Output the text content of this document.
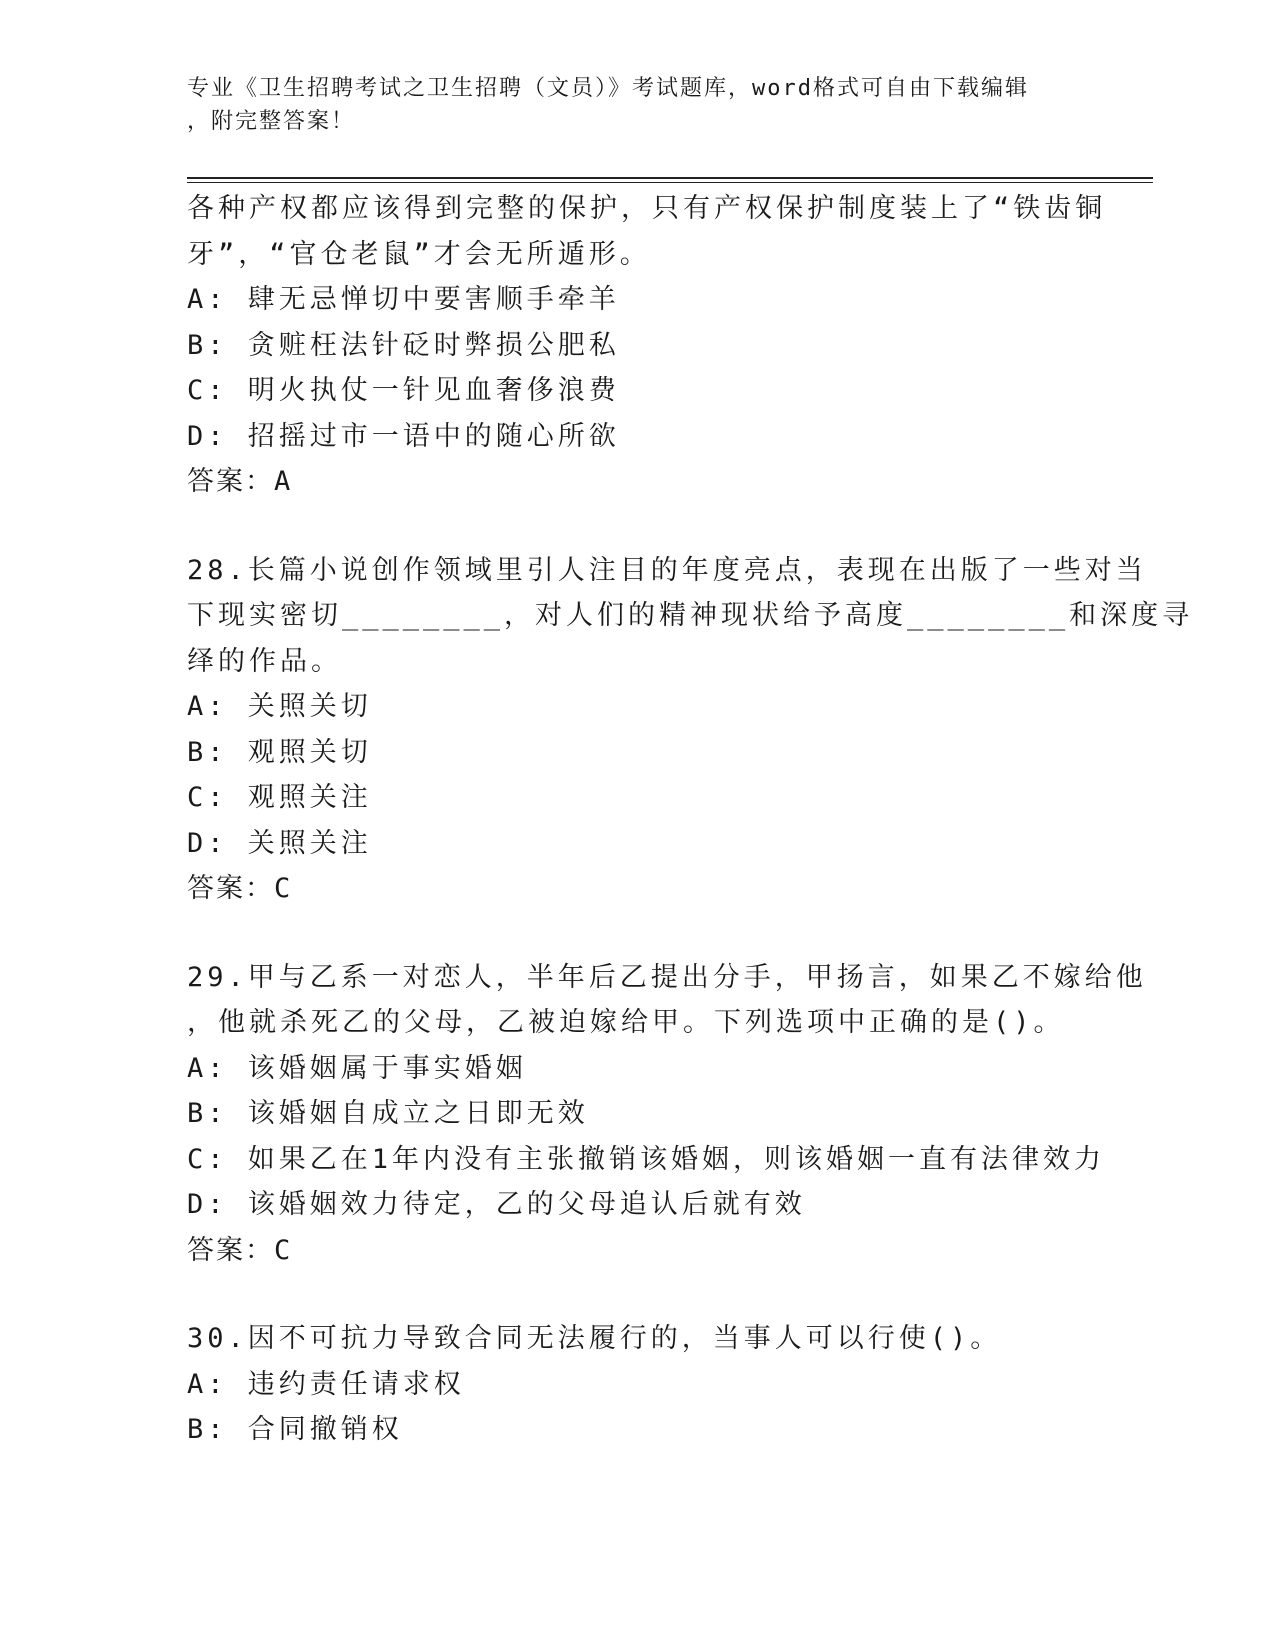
专业《卫生招聘考试之卫生招聘（文员）》考试题库，word格式可自由下载编辑
，附完整答案！
各种产权都应该得到完整的保护，只有产权保护制度装上了“铁齿铜
牙”，“官仓老鼠”才会无所遁形。
A: 肆无忌惮切中要害顺手牵羊
B: 贪赃枉法针砭时弊损公肥私
C: 明火执仗一针见血奢侈浪费
D: 招摇过市一语中的随心所欲
答案：A
28.长篇小说创作领域里引人注目的年度亮点，表现在出版了一些对当
下现实密切________，对人们的精神现状给予高度________和深度寻
绎的作品。
A: 关照关切
B: 观照关切
C: 观照关注
D: 关照关注
答案：C
29.甲与乙系一对恋人，半年后乙提出分手，甲扬言，如果乙不嫁给他
，他就杀死乙的父母，乙被迫嫁给甲。下列选项中正确的是()。
A: 该婚姻属于事实婚姻
B: 该婚姻自成立之日即无效
C: 如果乙在1年内没有主张撤销该婚姻，则该婚姻一直有法律效力
D: 该婚姻效力待定，乙的父母追认后就有效
答案：C
30.因不可抗力导致合同无法履行的，当事人可以行使()。
A: 违约责任请求权
B: 合同撤销权
